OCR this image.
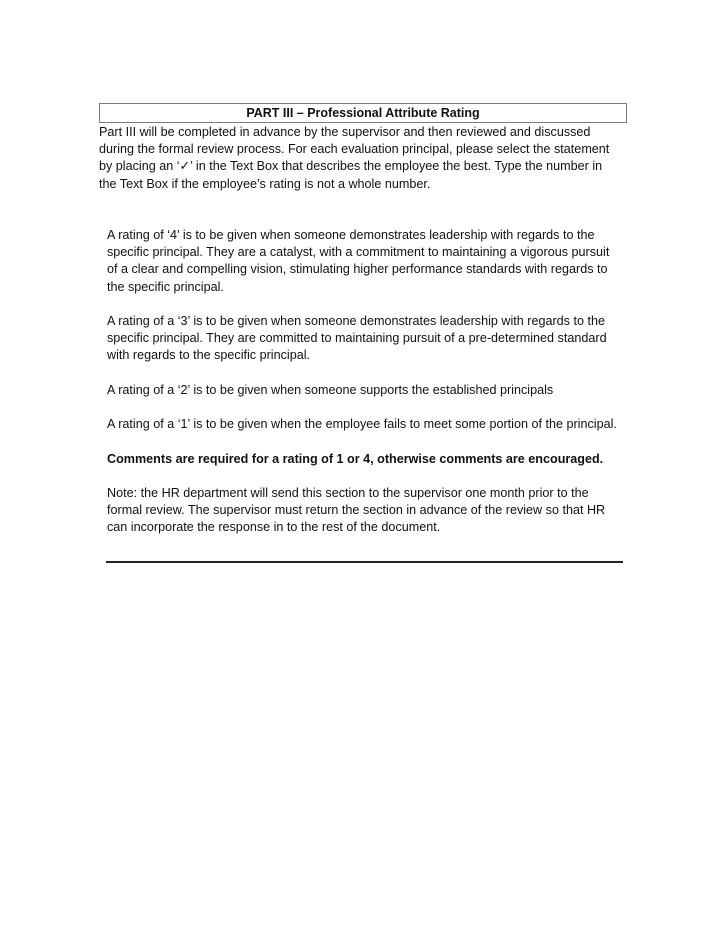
PART III – Professional Attribute Rating
Part III will be completed in advance by the supervisor and then reviewed and discussed during the formal review process. For each evaluation principal, please select the statement by placing an ‘✓’ in the Text Box that describes the employee the best. Type the number in the Text Box if the employee’s rating is not a whole number.

A rating of ‘4’ is to be given when someone demonstrates leadership with regards to the specific principal. They are a catalyst, with a commitment to maintaining a vigorous pursuit of a clear and compelling vision, stimulating higher performance standards with regards to the specific principal.

A rating of a ‘3’ is to be given when someone demonstrates leadership with regards to the specific principal. They are committed to maintaining pursuit of a pre-determined standard with regards to the specific principal.

A rating of a ‘2’ is to be given when someone supports the established principals

A rating of a ‘1’ is to be given when the employee fails to meet some portion of the principal.

Comments are required for a rating of 1 or 4, otherwise comments are encouraged.

Note: the HR department will send this section to the supervisor one month prior to the formal review. The supervisor must return the section in advance of the review so that HR can incorporate the response in to the rest of the document.
